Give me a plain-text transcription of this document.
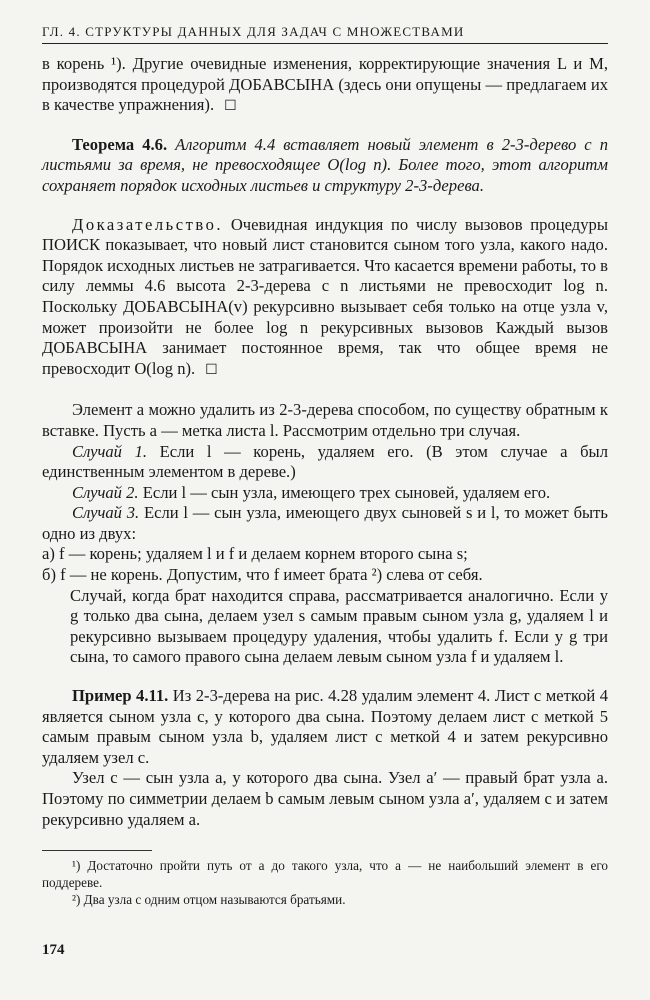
ГЛ. 4. СТРУКТУРЫ ДАННЫХ ДЛЯ ЗАДАЧ С МНОЖЕСТВАМИ

в корень ¹). Другие очевидные изменения, корректирующие значения L и M, производятся процедурой ДОБАВСЫНА (здесь они опущены — предлагаем их в качестве упражнения). ☐

Теорема 4.6. Алгоритм 4.4 вставляет новый элемент в 2-3-дерево с n листьями за время, не превосходящее O(log n). Более того, этот алгоритм сохраняет порядок исходных листьев и структуру 2-3-дерева.

Доказательство. Очевидная индукция по числу вызовов процедуры ПОИСК показывает, что новый лист становится сыном того узла, какого надо. Порядок исходных листьев не затрагивается. Что касается времени работы, то в силу леммы 4.6 высота 2-3-дерева с n листьями не превосходит log n. Поскольку ДОБАВСЫНА(v) рекурсивно вызывает себя только на отце узла v, может произойти не более log n рекурсивных вызовов Каждый вызов ДОБАВСЫНА занимает постоянное время, так что общее время не превосходит O(log n). ☐

Элемент a можно удалить из 2-3-дерева способом, по существу обратным к вставке. Пусть a — метка листа l. Рассмотрим отдельно три случая.

Случай 1. Если l — корень, удаляем его. (В этом случае a был единственным элементом в дереве.)

Случай 2. Если l — сын узла, имеющего трех сыновей, удаляем его.

Случай 3. Если l — сын узла, имеющего двух сыновей s и l, то может быть одно из двух:

а) f — корень; удаляем l и f и делаем корнем второго сына s;

б) f — не корень. Допустим, что f имеет брата ²) слева от себя.

Случай, когда брат находится справа, рассматривается аналогично. Если у g только два сына, делаем узел s самым правым сыном узла g, удаляем l и рекурсивно вызываем процедуру удаления, чтобы удалить f. Если у g три сына, то самого правого сына делаем левым сыном узла f и удаляем l.

Пример 4.11. Из 2-3-дерева на рис. 4.28 удалим элемент 4. Лист с меткой 4 является сыном узла c, у которого два сына. Поэтому делаем лист с меткой 5 самым правым сыном узла b, удаляем лист с меткой 4 и затем рекурсивно удаляем узел c.

Узел c — сын узла a, у которого два сына. Узел a′ — правый брат узла a. Поэтому по симметрии делаем b самым левым сыном узла a′, удаляем c и затем рекурсивно удаляем a.

¹) Достаточно пройти путь от a до такого узла, что a — не наибольший элемент в его поддереве.

²) Два узла с одним отцом называются братьями.

174
